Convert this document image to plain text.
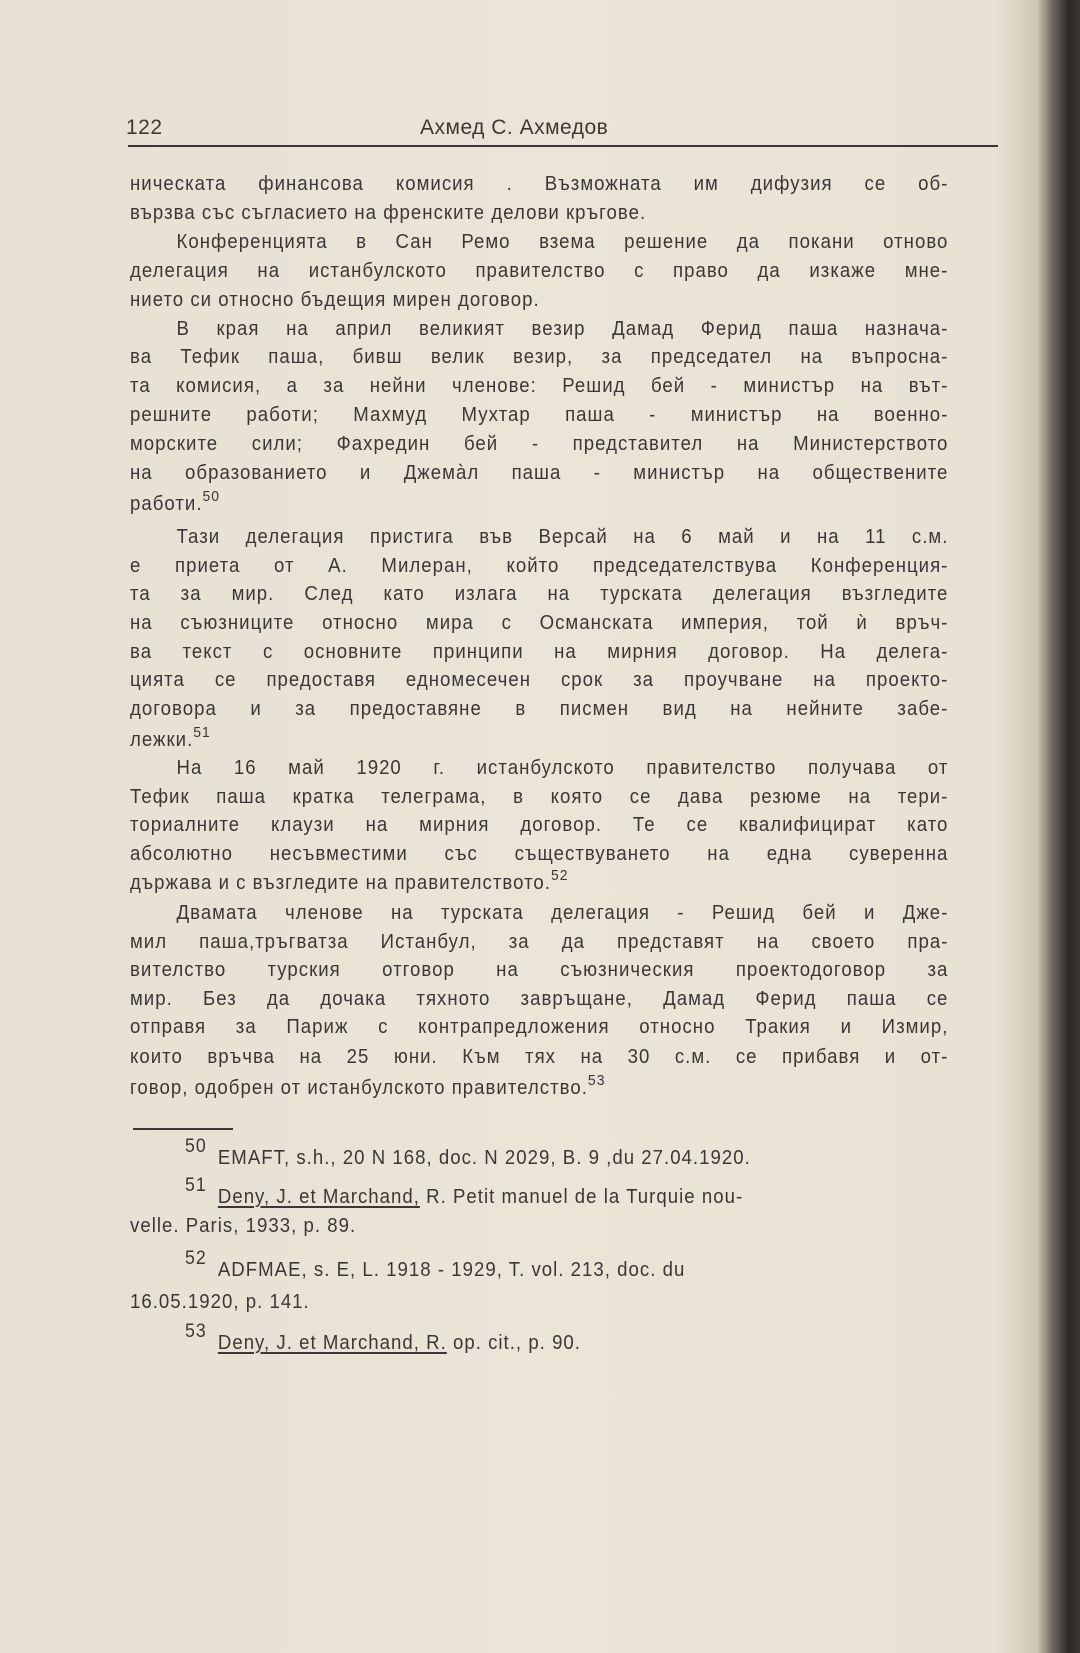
122	Ахмед С. Ахмедов
ническата финансова комисия . Възможната им дифузия се об-
вързва със съгласието на френските делови кръгове.
Конференцията в Сан Ремо взема решение да покани отново
делегация на истанбулското правителство с право да изкаже мне-
нието си относно бъдещия мирен договор.
В края на април великият везир Дамад Ферид паша назнача-
ва Тефик паша, бивш велик везир, за председател на въпросна-
та комисия, а за нейни членове: Решид бей - министър на вът-
решните работи; Махмуд Мухтар паша - министър на военно-
морските сили; Фахредин бей - представител на Министерството
на образованието и Джемàл паша - министър на обществените
работи.$^{50}$
Тази делегация пристига във Версай на 6 май и на 11 с.м.
е приета от А. Милеран, който председателствува Конференция-
та за мир. След като излага на турската делегация възгледите
на съюзниците относно мира с Османската империя, той ѝ връч-
ва текст с основните принципи на мирния договор. На делега-
цията се предоставя едномесечен срок за проучване на проекто-
договора и за предоставяне в писмен вид на нейните забе-
лежки.$^{51}$
На 16 май 1920 г. истанбулското правителство получава от
Тефик паша кратка телеграма, в която се дава резюме на тери-
ториалните клаузи на мирния договор. Те се квалифицират като
абсолютно несъвместими със съществуването на една суверенна
държава и с възгледите на правителството.$^{52}$
Двамата членове на турската делегация - Решид бей и Дже-
мил паша,тръгватза Истанбул, за да представят на своето пра-
вителство турския отговор на съюзническия проектодоговор за
мир. Без да дочака тяхното завръщане, Дамад Ферид паша се
отправя за Париж с контрапредложения относно Тракия и Измир,
които връчва на 25 юни. Към тях на 30 с.м. се прибавя и от-
говор, одобрен от истанбулското правителство.$^{53}$
$^{50}$EMAFT, s.h., 20 N 168, doc. N 2029, B. 9 ,du 27.04.1920.
$^{51}$Deny, J. et Marchand, R. Petit manuel de la Turquie nou-
velle. Paris, 1933, p. 89.
$^{52}$ADFMAE, s. E, L. 1918 - 1929, T. vol. 213, doc. du
16.05.1920, p. 141.
$^{53}$Deny, J. et Marchand, R. op. cit., p. 90.
